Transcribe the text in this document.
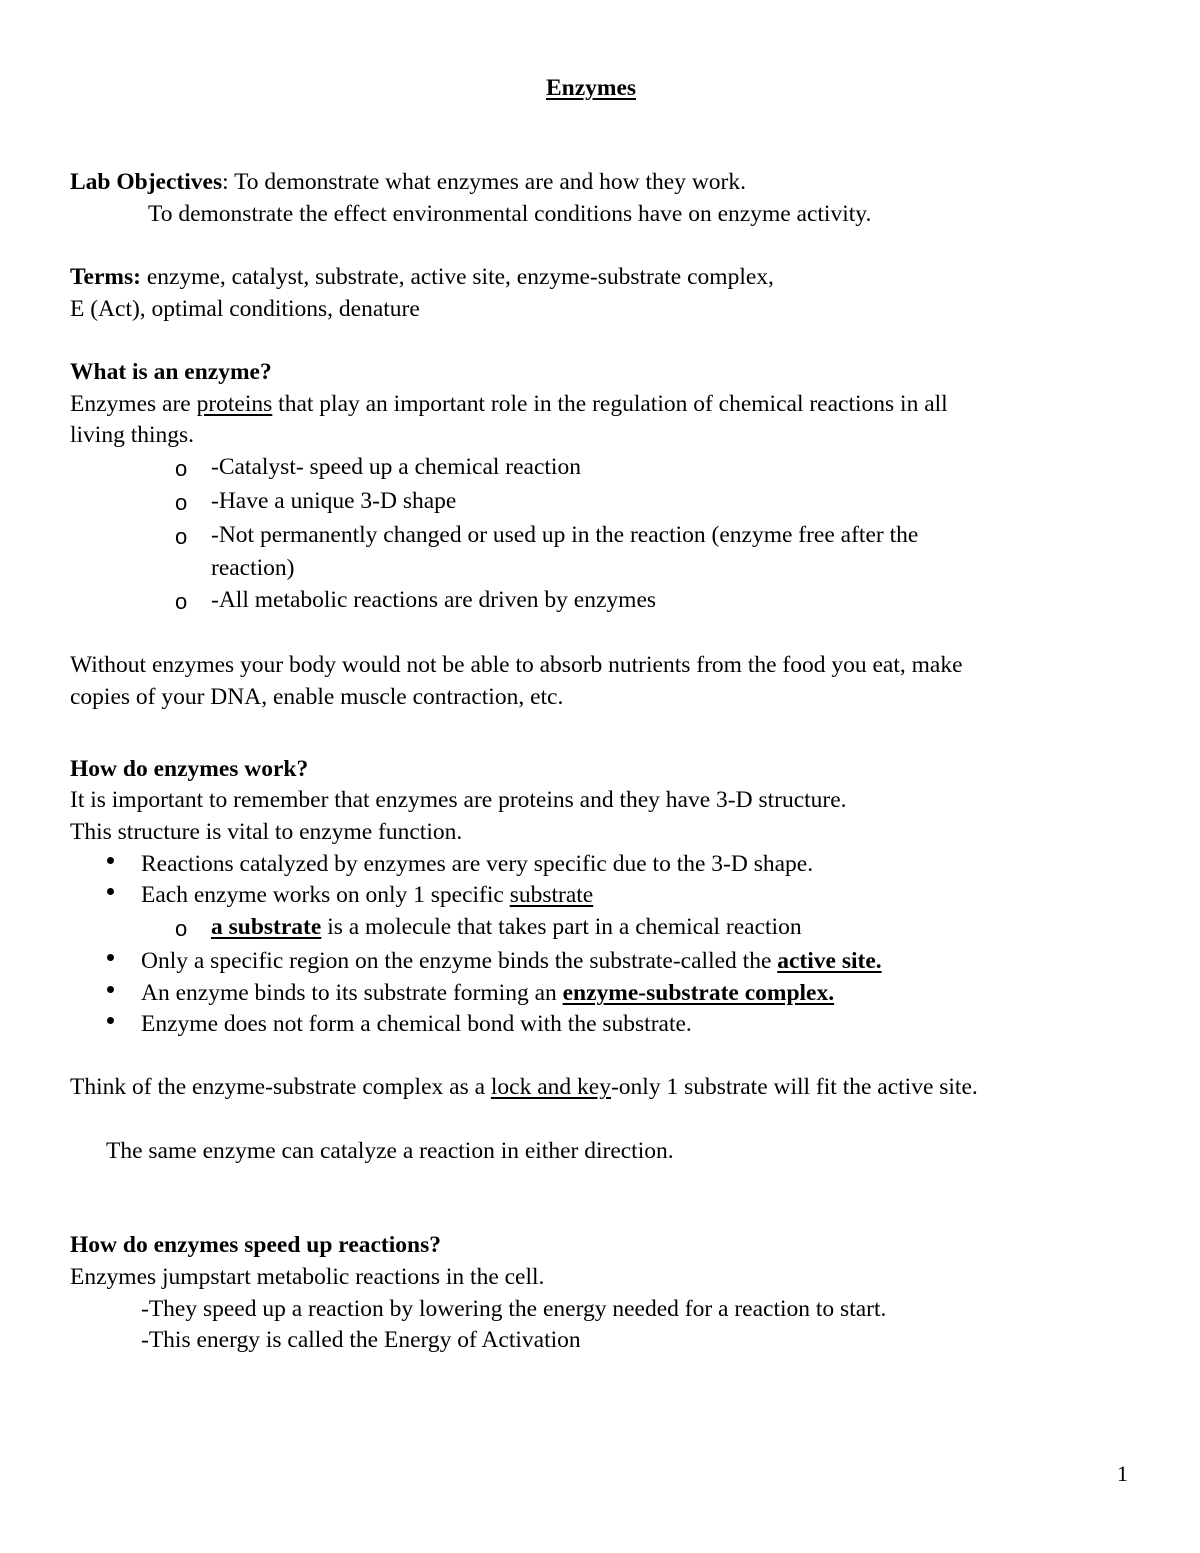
Enzymes
Lab Objectives: To demonstrate what enzymes are and how they work.
To demonstrate the effect environmental conditions have on enzyme activity.
Terms: enzyme, catalyst, substrate, active site, enzyme-substrate complex,
E (Act), optimal conditions, denature
What is an enzyme?
Enzymes are proteins that play an important role in the regulation of chemical reactions in all
living things.
o -Catalyst- speed up a chemical reaction
o -Have a unique 3-D shape
o -Not permanently changed or used up in the reaction (enzyme free after the
reaction)
o -All metabolic reactions are driven by enzymes
Without enzymes your body would not be able to absorb nutrients from the food you eat, make
copies of your DNA, enable muscle contraction, etc.
How do enzymes work?
It is important to remember that enzymes are proteins and they have 3-D structure.
This structure is vital to enzyme function.
Reactions catalyzed by enzymes are very specific due to the 3-D shape.
Each enzyme works on only 1 specific substrate
o a substrate is a molecule that takes part in a chemical reaction
Only a specific region on the enzyme binds the substrate-called the active site.
An enzyme binds to its substrate forming an enzyme-substrate complex.
Enzyme does not form a chemical bond with the substrate.
Think of the enzyme-substrate complex as a lock and key-only 1 substrate will fit the active site.
The same enzyme can catalyze a reaction in either direction.
How do enzymes speed up reactions?
Enzymes jumpstart metabolic reactions in the cell.
-They speed up a reaction by lowering the energy needed for a reaction to start.
-This energy is called the Energy of Activation
1
